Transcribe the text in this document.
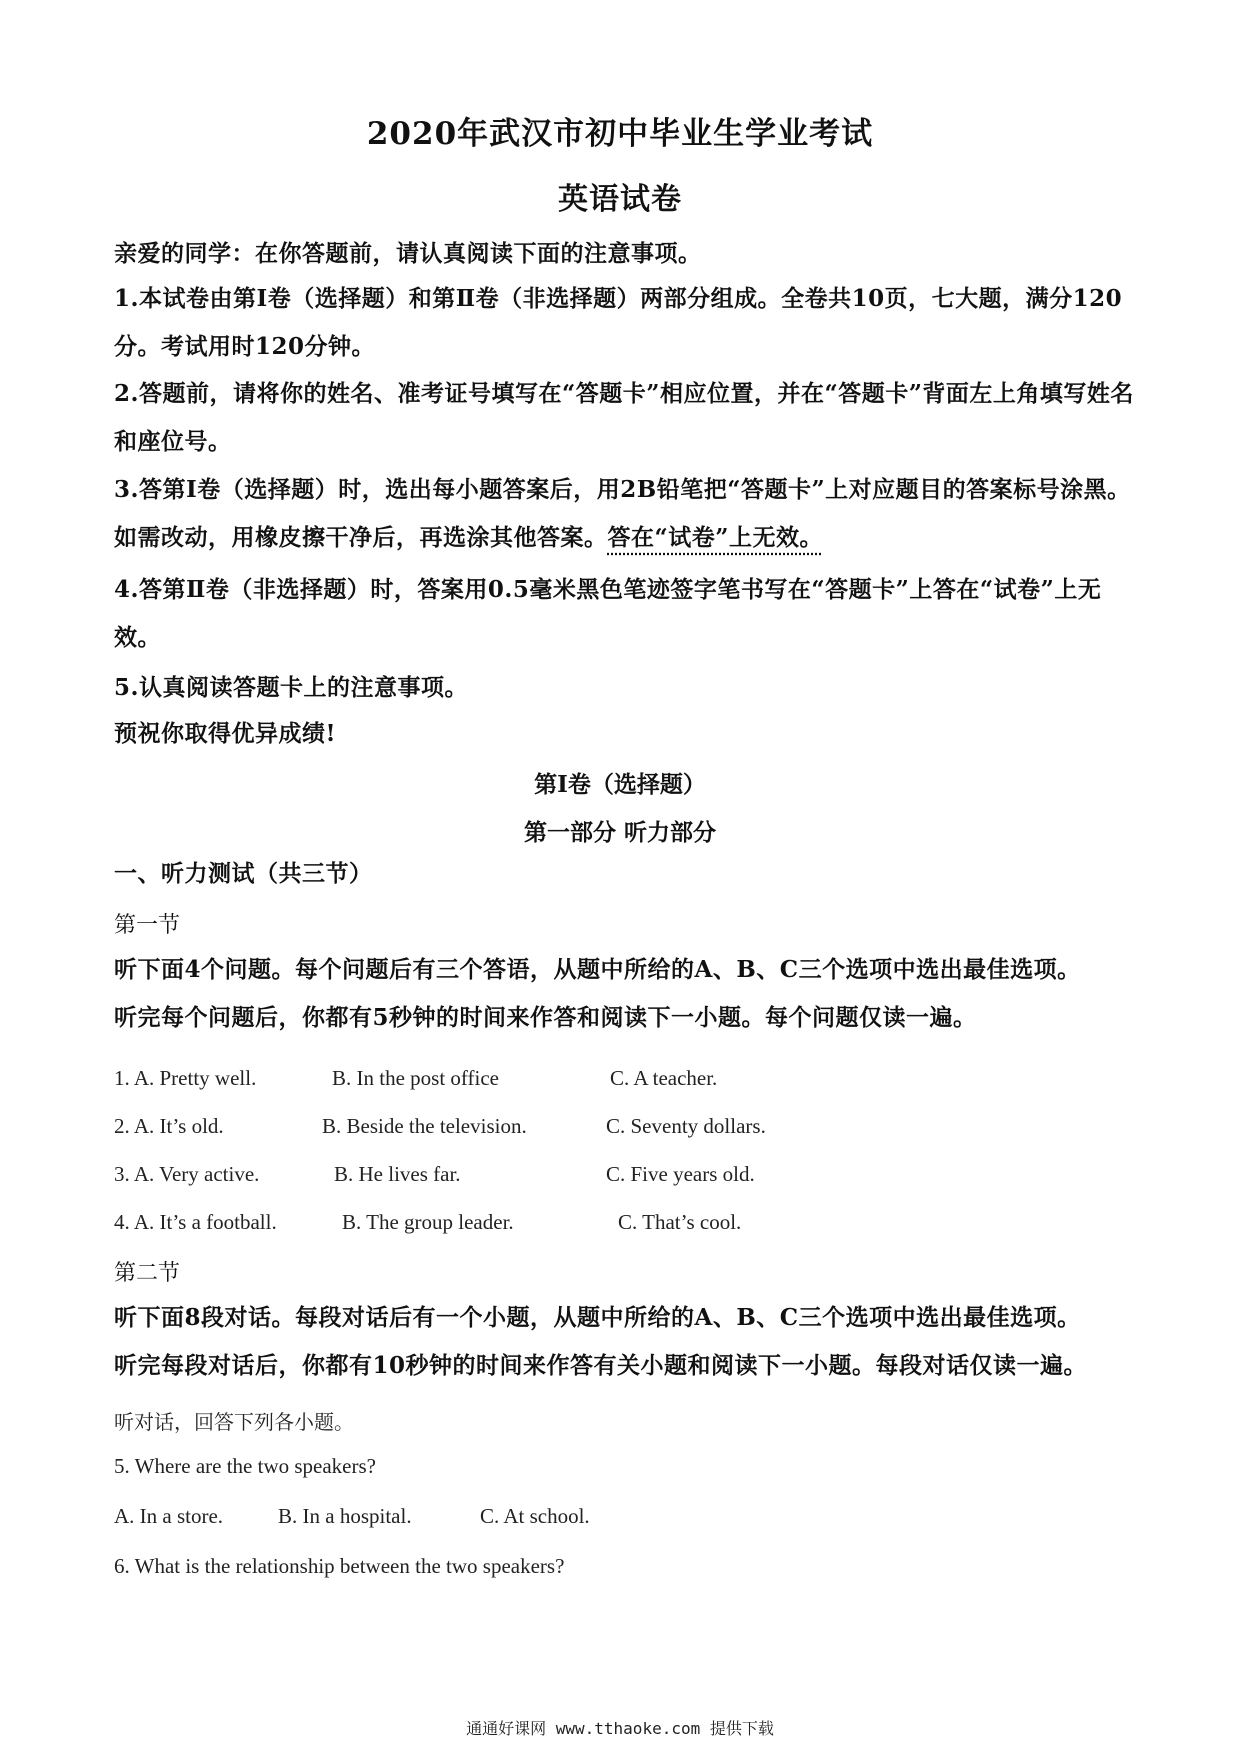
2020年武汉市初中毕业生学业考试
英语试卷
亲爱的同学：在你答题前，请认真阅读下面的注意事项。
1.本试卷由第Ⅰ卷（选择题）和第Ⅱ卷（非选择题）两部分组成。全卷共10页，七大题，满分120分。考试用时120分钟。
2.答题前，请将你的姓名、准考证号填写在“答题卡”相应位置，并在“答题卡”背面左上角填写姓名和座位号。
3.答第Ⅰ卷（选择题）时，选出每小题答案后，用2B铅笔把“答题卡”上对应题目的答案标号涂黑。如需改动，用橡皮擦干净后，再选涂其他答案。答在“试卷”上无效。
4.答第Ⅱ卷（非选择题）时，答案用0.5毫米黑色笔迹签字笔书写在“答题卡”上答在“试卷”上无效。
5.认真阅读答题卡上的注意事项。
预祝你取得优异成绩!
第Ⅰ卷（选择题）
第一部分 听力部分
一、听力测试（共三节）
第一节
听下面4个问题。每个问题后有三个答语，从题中所给的A、B、C三个选项中选出最佳选项。
听完每个问题后，你都有5秒钟的时间来作答和阅读下一小题。每个问题仅读一遍。
1. A. Pretty well.	B. In the post office	C. A teacher.
2. A. It’s old.	B. Beside the television.	C. Seventy dollars.
3. A. Very active.	B. He lives far.	C. Five years old.
4. A. It’s a football.	B. The group leader.	C. That’s cool.
第二节
听下面8段对话。每段对话后有一个小题，从题中所给的A、B、C三个选项中选出最佳选项。
听完每段对话后，你都有10秒钟的时间来作答有关小题和阅读下一小题。每段对话仅读一遍。
听对话，回答下列各小题。
5. Where are the two speakers?
A. In a store.	B. In a hospital.	C. At school.
6. What is the relationship between the two speakers?
通通好课网 www.tthaoke.com 提供下载
